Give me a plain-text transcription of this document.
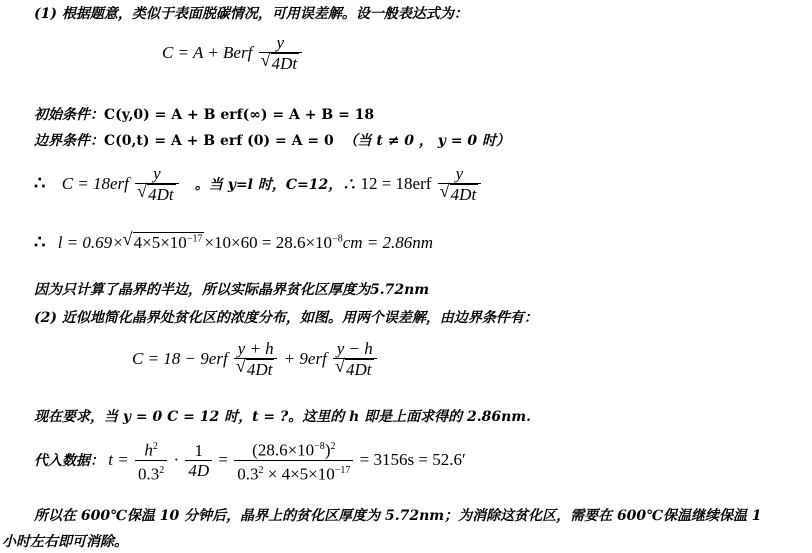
(1) 根据题意，类似于表面脱碳情况，可用误差解。设一般表达式为：
C = A + Berf y
√ 4Dt
初始条件：C(y,0) = A + B erf(∞) = A + B = 18
边界条件：C(0,t) = A + B erf (0) = A = 0 （当 t ≠ 0 ， y = 0 时）
∴ C = 18erf y
√ 4Dt 。当 y=l 时，C=12，∴ 12 = 18erf y
√ 4Dt
∴ l = 0.69×√ $4\times 5\times 10^{-17} \times 10\times 60 = 28.6\times 10^{-8}cm = 2.86nm$
因为只计算了晶界的半边，所以实际晶界贫化区厚度为5.72nm
(2) 近似地简化晶界处贫化区的浓度分布，如图。用两个误差解，由边界条件有：
C = 18 − 9erf y + h
√ 4Dt + 9erf y − h
√ 4Dt
现在要求，当 y = 0 C = 12 时，t = ?。这里的 h 即是上面求得的 2.86nm.
代入数据： $t = \frac{h^2}{0.3^2} \cdot \frac{1}{4D} = \frac{(28.6\times 10^{-8})^2}{0.3^2 \times 4\times 5\times 10^{-17}} = 3156s = 52.6'$
所以在 600℃保温 10 分钟后，晶界上的贫化区厚度为 5.72nm；为消除这贫化区，需要在 600℃保温继续保温 1
小时左右即可消除。
